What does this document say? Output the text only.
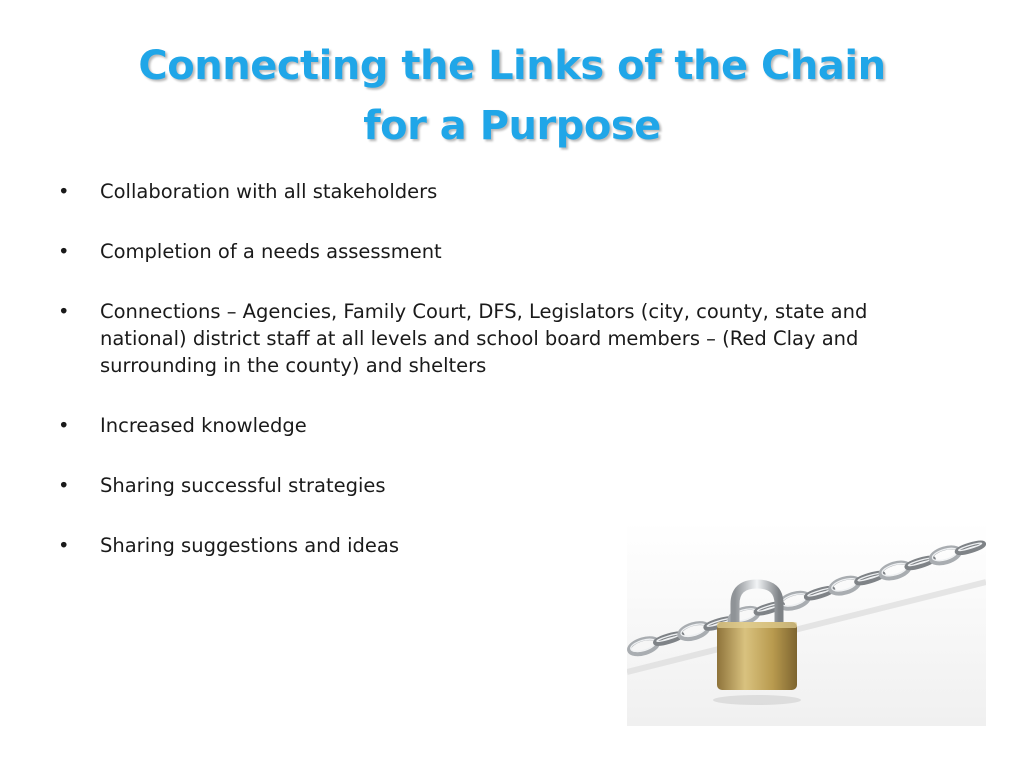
Connecting the Links of the Chain
for a Purpose
•	Collaboration with all stakeholders
•	Completion of a needs assessment
•	Connections – Agencies, Family Court, DFS, Legislators (city, county, state and national) district staff at all levels and school board members – (Red Clay and surrounding in the county) and shelters
•	Increased knowledge
•	Sharing successful strategies
•	Sharing suggestions and ideas
